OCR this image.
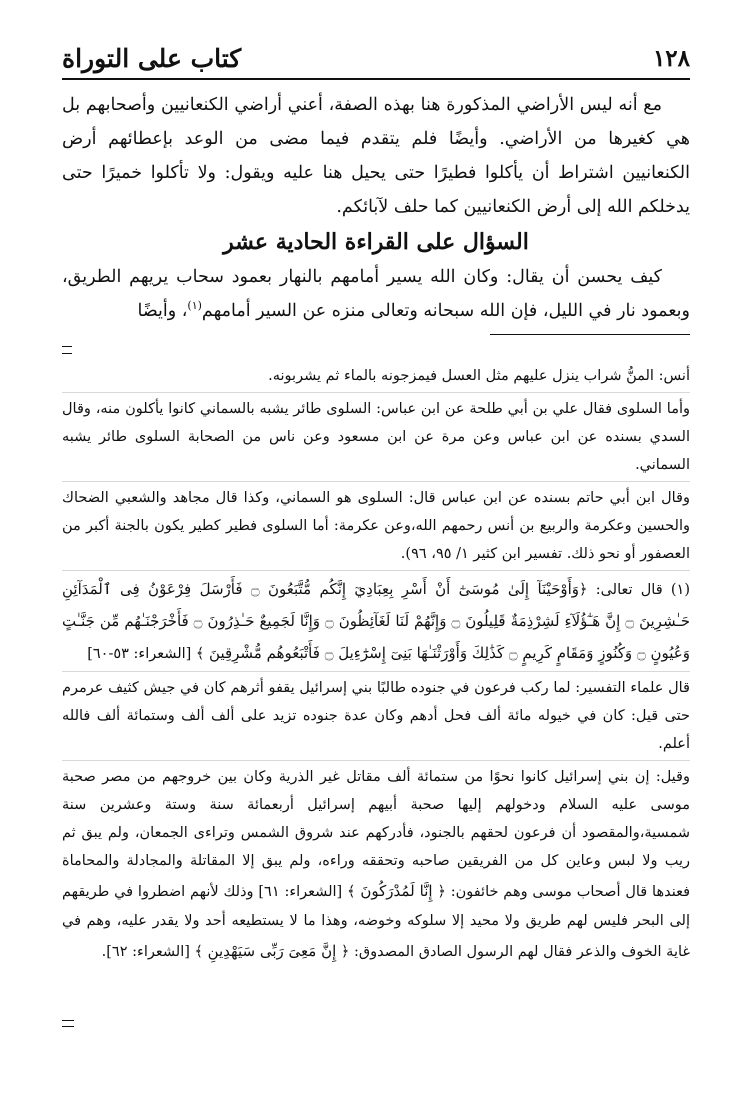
١٢٨
كتاب على التوراة

مع أنه ليس الأراضي المذكورة هنا بهذه الصفة، أعني أراضي الكنعانيين وأصحابهم بل هي كغيرها من الأراضي. وأيضًا فلم يتقدم فيما مضى من الوعد بإعطائهم أرض الكنعانيين اشتراط أن يأكلوا فطيرًا حتى يحيل هنا عليه ويقول: ولا تأكلوا خميرًا حتى يدخلكم الله إلى أرض الكنعانيين كما حلف لآبائكم.

السؤال على القراءة الحادية عشر

كيف يحسن أن يقال: وكان الله يسير أمامهم بالنهار بعمود سحاب يريهم الطريق، وبعمود نار في الليل، فإن الله سبحانه وتعالى منزه عن السير أمامهم$^{(١)}$، وأيضًا

أنس: المنُّ شراب ينزل عليهم مثل العسل فيمزجونه بالماء ثم يشربونه.

وأما السلوى فقال علي بن أبي طلحة عن ابن عباس: السلوى طائر يشبه بالسماني كانوا يأكلون منه، وقال السدي بسنده عن ابن عباس وعن مرة عن ابن مسعود وعن ناس من الصحابة السلوى طائر يشبه السماني.

وقال ابن أبي حاتم بسنده عن ابن عباس قال: السلوى هو السماني، وكذا قال مجاهد والشعبي الضحاك والحسين وعكرمة والربيع بن أنس رحمهم الله،وعن عكرمة: أما السلوى فطير كطير يكون بالجنة أكبر من العصفور أو نحو ذلك. تفسير ابن كثير ١/ ٩٥، ٩٦).

(١) قال تعالى: ﴿وَأَوْحَيْنَآ إِلَىٰ مُوسَىٰٓ أَنْ أَسْرِ بِعِبَادِيٓ إِنَّكُم مُّتَّبَعُونَ ۝ فَأَرْسَلَ فِرْعَوْنُ فِى ٱلْمَدَآئِنِ حَـٰشِرِينَ ۝ إِنَّ هَـٰٓؤُلَآءِ لَشِرْذِمَةٌ قَلِيلُونَ ۝ وَإِنَّهُمْ لَنَا لَغَآئِظُونَ ۝ وَإِنَّا لَجَمِيعٌ حَـٰذِرُونَ ۝ فَأَخْرَجْنَـٰهُم مِّن جَنَّـٰتٍ وَعُيُونٍ ۝ وَكُنُوزٍ وَمَقَامٍ كَرِيمٍ ۝ كَذَٰلِكَ وَأَوْرَثْنَـٰهَا بَنِىٓ إِسْرَٰٓءِيلَ ۝ فَأَتْبَعُوهُم مُّشْرِقِينَ ﴾ [الشعراء: ٥٣-٦٠]

قال علماء التفسير: لما ركب فرعون في جنوده طالبًا بني إسرائيل يقفو أثرهم كان في جيش كثيف عرمرم حتى قيل: كان في خيوله مائة ألف فحل أدهم وكان عدة جنوده تزيد على ألف ألف وستمائة ألف فالله أعلم.

وقيل: إن بني إسرائيل كانوا نحوًا من ستمائة ألف مقاتل غير الذرية وكان بين خروجهم من مصر صحبة موسى عليه السلام ودخولهم إليها صحبة أبيهم إسرائيل أربعمائة سنة وستة وعشرين سنة شمسية،والمقصود أن فرعون لحقهم بالجنود، فأدركهم عند شروق الشمس وتراءى الجمعان، ولم يبق ثم ريب ولا لبس وعاين كل من الفريقين صاحبه وتحققه وراءه، ولم يبق إلا المقاتلة والمجادلة والمحاماة فعندها قال أصحاب موسى وهم خائفون: ﴿ إِنَّا لَمُدْرَكُونَ ﴾ [الشعراء: ٦١] وذلك لأنهم اضطروا في طريقهم إلى البحر فليس لهم طريق ولا محيد إلا سلوكه وخوضه، وهذا ما لا يستطيعه أحد ولا يقدر عليه، وهم في غاية الخوف والذعر فقال لهم الرسول الصادق المصدوق: ﴿ إِنَّ مَعِىَ رَبِّى سَيَهْدِينِ ﴾ [الشعراء: ٦٢].
